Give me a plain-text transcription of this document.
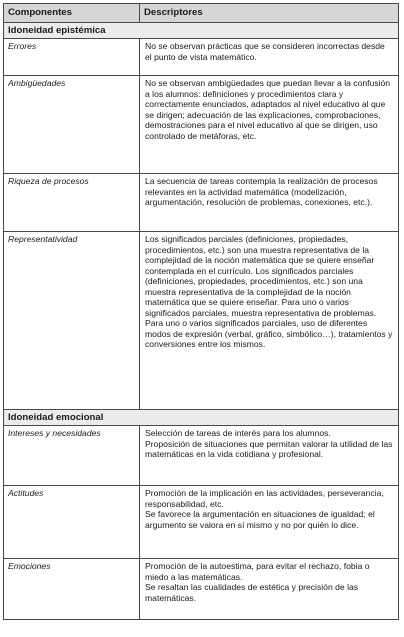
Componentes	Descriptores
Idoneidad epistémica
Errores	No se observan prácticas que se consideren incorrectas desde el punto de vista matemático.

Ambigüedades	No se observan ambigüedades que puedan llevar a la confusión a los alumnos: definiciones y procedimientos clara y correctamente enunciados, adaptados al nivel educativo al que se dirigen; adecuación de las explicaciones, comprobaciones, demostraciones para el nivel educativo al que se dirigen, uso controlado de metáforas, etc.

Riqueza de procesos	La secuencia de tareas contempla la realización de procesos relevantes en la actividad matemática (modelización, argumentación, resolución de problemas, conexiones, etc.).

Representatividad	Los significados parciales (definiciones, propiedades, procedimientos, etc.) son una muestra representativa de la complejidad de la noción matemática que se quiere enseñar contemplada en el currículo. Los significados parciales (definiciones, propiedades, procedimientos, etc.) son una muestra representativa de la complejidad de la noción matemática que se quiere enseñar. Para uno o varios significados parciales, muestra representativa de problemas. Para uno o varios significados parciales, uso de diferentes modos de expresión (verbal, gráfico, simbólico…), tratamientos y conversiones entre los mismos.

Idoneidad emocional
Intereses y necesidades	Selección de tareas de interés para los alumnos.

Proposición de situaciones que permitan valorar la utilidad de las matemáticas en la vida cotidiana y profesional.

Actitudes	Promoción de la implicación en las actividades, perseverancia, responsabilidad, etc.

Se favorece la argumentación en situaciones de igualdad; el argumento se valora en sí mismo y no por quién lo dice.

Emociones	Promoción de la autoestima, para evitar el rechazo, fobia o miedo a las matemáticas.

Se resaltan las cualidades de estética y precisión de las matemáticas.
